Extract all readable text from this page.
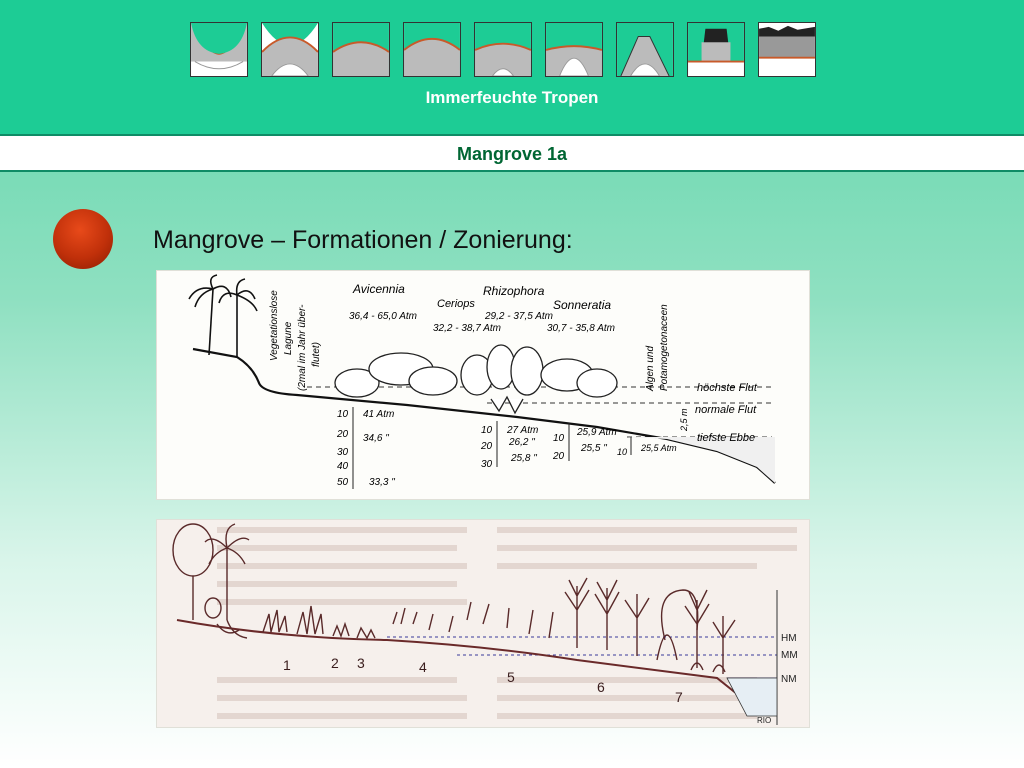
Immerfeuchte Tropen
Mangrove 1a
Mangrove – Formationen / Zonierung:
Vegetationslose Lagune (2mal im Jahr über- flutet)
Avicennia
36,4 - 65,0 Atm
Ceriops
32,2 - 38,7 Atm
Rhizophora
29,2 - 37,5 Atm
Sonneratia
30,7 - 35,8 Atm
Algen und Potamogetonaceen höchste Flut
normale Flut
tiefste Ebbe
2,5 m
10
20
30
40
50
41 Atm
34,6 "
33,3 "
10
20
30
27 Atm
26,2 "
25,8 "
10
20
25,9 Atm
25,5 " 10 25,5 Atm
1	2 3	4
5
6
7
HM
MM
NM
RIO
